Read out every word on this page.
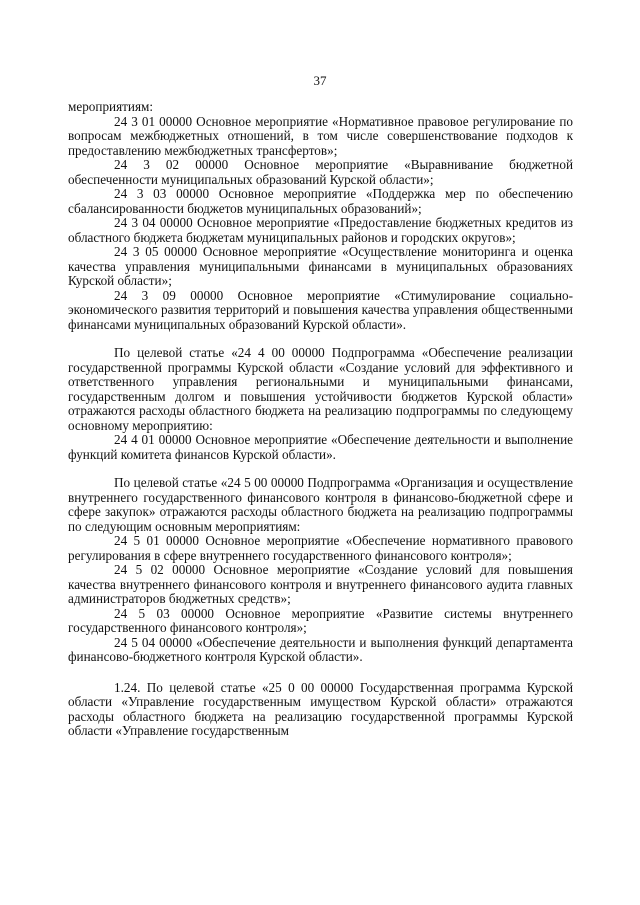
37

мероприятиям:

24 3 01 00000 Основное мероприятие «Нормативное правовое регулирование по вопросам межбюджетных отношений, в том числе совершенствование подходов к предоставлению межбюджетных трансфертов»;

24 3 02 00000 Основное мероприятие «Выравнивание бюджетной обеспеченности муниципальных образований Курской области»;

24 3 03 00000 Основное мероприятие «Поддержка мер по обеспечению сбалансированности бюджетов муниципальных образований»;

24 3 04 00000 Основное мероприятие «Предоставление бюджетных кредитов из областного бюджета бюджетам муниципальных районов и городских округов»;

24 3 05 00000 Основное мероприятие «Осуществление мониторинга и оценка качества управления муниципальными финансами в муниципальных образованиях Курской области»;

24 3 09 00000 Основное мероприятие «Стимулирование социально-экономического развития территорий и повышения качества управления общественными финансами муниципальных образований Курской области».

По целевой статье «24 4 00 00000 Подпрограмма «Обеспечение реализации государственной программы Курской области «Создание условий для эффективного и ответственного управления региональными и муниципальными финансами, государственным долгом и повышения устойчивости бюджетов Курской области» отражаются расходы областного бюджета на реализацию подпрограммы по следующему основному мероприятию:

24 4 01 00000 Основное мероприятие «Обеспечение деятельности и выполнение функций комитета финансов Курской области».

По целевой статье «24 5 00 00000 Подпрограмма «Организация и осуществление внутреннего государственного финансового контроля в финансово-бюджетной сфере и сфере закупок» отражаются расходы областного бюджета на реализацию подпрограммы по следующим основным мероприятиям:

24 5 01 00000 Основное мероприятие «Обеспечение нормативного правового регулирования в сфере внутреннего государственного финансового контроля»;

24 5 02 00000 Основное мероприятие «Создание условий для повышения качества внутреннего финансового контроля и внутреннего финансового аудита главных администраторов бюджетных средств»;

24 5 03 00000 Основное мероприятие «Развитие системы внутреннего государственного финансового контроля»;

24 5 04 00000 «Обеспечение деятельности и выполнения функций департамента финансово-бюджетного контроля Курской области».

1.24. По целевой статье «25 0 00 00000 Государственная программа Курской области «Управление государственным имуществом Курской области» отражаются расходы областного бюджета на реализацию государственной программы Курской области «Управление государственным
